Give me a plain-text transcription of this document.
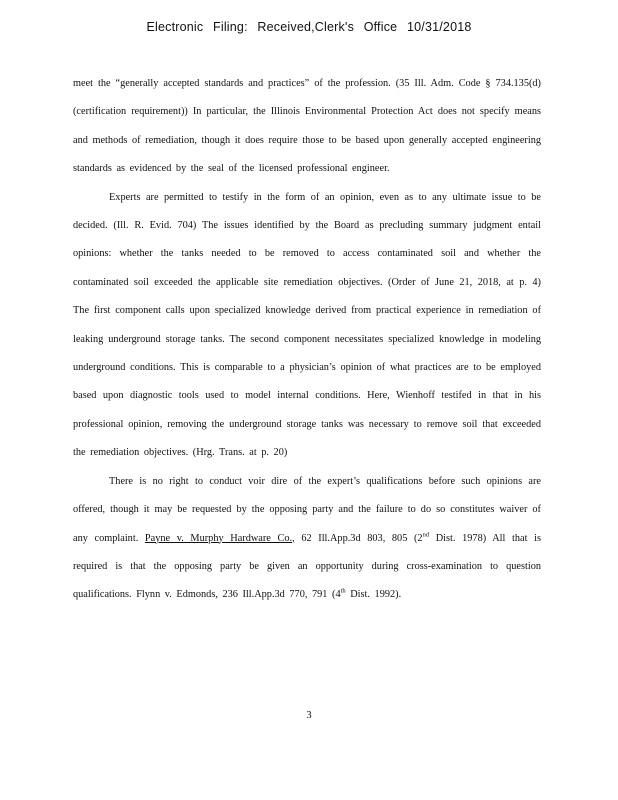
Electronic Filing: Received,Clerk's Office 10/31/2018

meet the “generally accepted standards and practices” of the profession. (35 Ill. Adm. Code § 734.135(d) (certification requirement)) In particular, the Illinois Environmental Protection Act does not specify means and methods of remediation, though it does require those to be based upon generally accepted engineering standards as evidenced by the seal of the licensed professional engineer.

Experts are permitted to testify in the form of an opinion, even as to any ultimate issue to be decided. (Ill. R. Evid. 704) The issues identified by the Board as precluding summary judgment entail opinions: whether the tanks needed to be removed to access contaminated soil and whether the contaminated soil exceeded the applicable site remediation objectives. (Order of June 21, 2018, at p. 4) The first component calls upon specialized knowledge derived from practical experience in remediation of leaking underground storage tanks. The second component necessitates specialized knowledge in modeling underground conditions. This is comparable to a physician’s opinion of what practices are to be employed based upon diagnostic tools used to model internal conditions. Here, Wienhoff testifed in that in his professional opinion, removing the underground storage tanks was necessary to remove soil that exceeded the remediation objectives. (Hrg. Trans. at p. 20)

There is no right to conduct voir dire of the expert’s qualifications before such opinions are offered, though it may be requested by the opposing party and the failure to do so constitutes waiver of any complaint. Payne v. Murphy Hardware Co., 62 Ill.App.3d 803, 805 (2nd Dist. 1978) All that is required is that the opposing party be given an opportunity during cross-examination to question qualifications. Flynn v. Edmonds, 236 Ill.App.3d 770, 791 (4th Dist. 1992).

3
